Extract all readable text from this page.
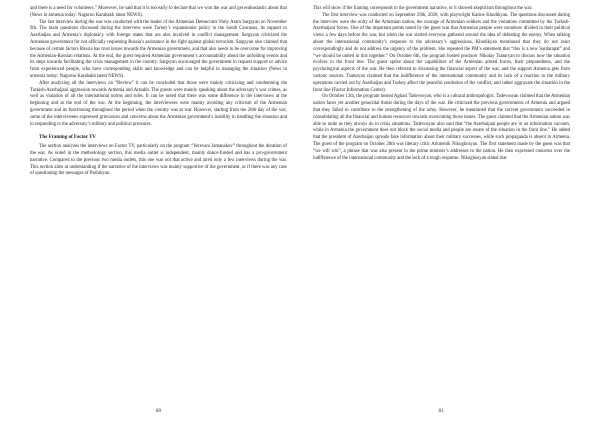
and there is a need for volunteers.” Moreover, he said that it is too early to declare that we won the war and get enthusiastic about that (News in armenia today: Nagorno Karabakh latest NEWS).

The last interview during the war was conducted with the leader of the Armenian Democratic Party Aram Sargsyan on November 9th. The main questions discussed during the interview were Turkey’s expansionist policy in the South Caucasus, its support to Azerbaijan and Armenia’s diplomacy with foreign states that are also involved in conflict management. Sargsyan criticized the Armenian government for not officially requesting Russia’s assistance in the fight against global terrorism. Sargsyan also claimed that because of certain factors Russia has trust issues towards the Armenian government, and that also needs to be overcome for improving the Armenian-Russian relations. At the end, the guest required Armenian government’s accountability about the unfolding events and its steps towards facilitating the crisis management in the country. Sargsyan encouraged the government to request support or advice from experienced people, who have corresponding skills and knowledge and can be helpful in managing the situation (News in armenia today: Nagorno Karabakh latest NEWS).

After analyzing all the interviews on “Review” it can be concluded that those were mainly criticizing and condemning the Turkish-Azerbaijani aggression towards Armenia and Artsakh. The guests were mainly speaking about the adversary’s war crimes, as well as violation of all the international norms and rules. It can be noted that there was some difference in the interviews at the beginning and at the end of the war. At the beginning, the interviewees were mainly avoiding any criticism of the Armenian government and its functioning throughout the period when the country was at war. However, starting from the 26th day of the war, some of the interviewees expressed grievances and concerns about the Armenian government’s inability in handling the situation and in responding to the adversary’s military and political pressures.

The Framing of Factor TV

The section analyzes the interviews on Factor TV, particularly on the program “Yerevani Jamanakov” throughout the duration of the war. As noted in the methodology section, this media outlet is independent, mainly donor-funded and has a pro-government narrative. Compared to the previous two media outlets, this one was not that active and aired only a few interviews during the war. This section aims at understanding if the narrative of the interviews was mainly supportive of the government, or if there was any case of questioning the messages of Pashinyan.

80

This will show if the framing corresponds to the government narrative, or it showed skepticism throughout the war.

The first interview was conducted on September 29th, 2020, with playwright Karine Khodikyan. The questions discussed during the interview were the unity of the Armenian nation, the courage of Armenian soldiers and the violations committed by the Turkish-Azerbaijani forces. One of the important points noted by the guest was that Armenian people were somehow divided in their political views a few days before the war, but when the war started everyone gathered around the idea of defeating the enemy. When talking about the international community’s response to the adversary’s aggressions, Khodikyan mentioned that they do not react correspondingly and do not address the urgency of the problem. She repeated the PM’s statement that “this is a new Sardarapat” and “we should be united in this together.” On October 6th, the program hosted producer Nikolay Tsaturyan to discuss how the situation evolves in the front line. The guest spoke about the capabilities of the Armenian armed forces, their preparedness, and the psychological aspects of the war. He then referred to discussing the financial aspect of the war, and the support Armenia gets from various sources. Tsaturyan claimed that the indifference of the international community and its lack of a reaction to the military operations carried out by Azerbaijan and Turkey affect the peaceful resolution of the conflict, and rather aggravate the situation in the front line (Factor Information Center).

On October 13th, the program hosted Aghasi Tadevosyan, who is a cultural anthropologist. Tadevosyan claimed that the Armenian nation faces yet another genocidal threat during the days of the war. He criticized the previous governments of Armenia and argued that they failed to contribute to the strengthening of the army. However, he mentioned that the current government succeeded in consolidating all the financial and human resources towards overcoming those issues. The guest claimed that the Armenian nation was able to unite as they always do in crisis situations. Tadevosyan also said that “the Azerbaijani people are in an information vacuum, while in Armenia the government does not block the social media and people are aware of the situation in the front line.” He added that the president of Azerbaijan spreads fake information about their military successes, while such propaganda is absent in Armenia. The guest of the program on October 20th was literary critic Arkmenik Nikoghosyan. The first statement made by the guest was that “we will win”, a phrase that was also present in the prime minister’s addresses to the nation. He then expressed concerns over the indifference of the international community and the lack of a tough response. Nikoghosyan stated that

81
